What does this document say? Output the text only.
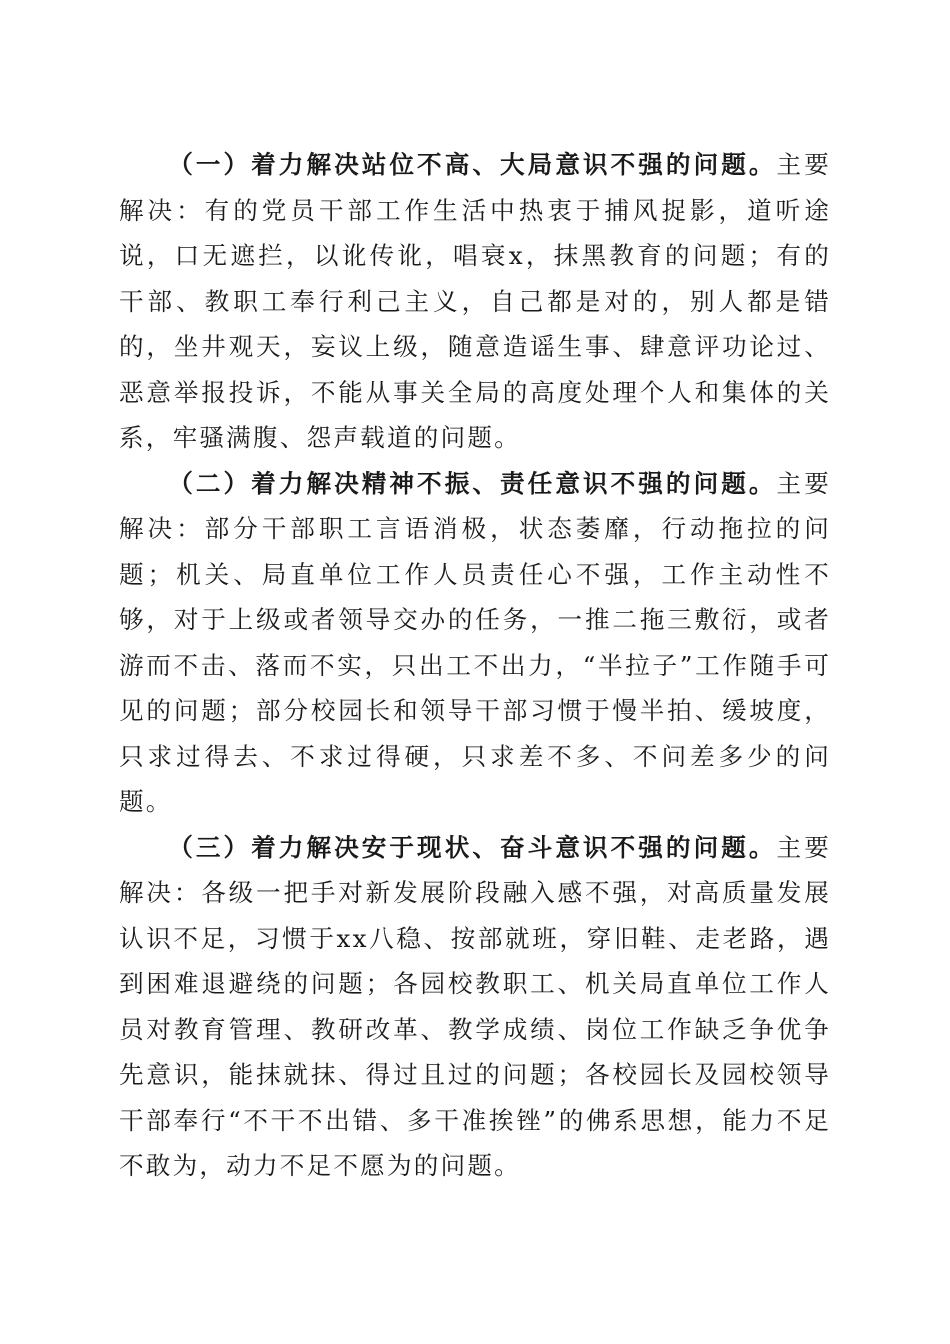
（一）着力解决站位不高、大局意识不强的问题。主要解决：有的党员干部工作生活中热衷于捕风捉影，道听途说，口无遮拦，以讹传讹，唱衰x，抹黑教育的问题；有的干部、教职工奉行利己主义，自己都是对的，别人都是错的，坐井观天，妄议上级，随意造谣生事、肆意评功论过、恶意举报投诉，不能从事关全局的高度处理个人和集体的关系，牢骚满腹、怨声载道的问题。

（二）着力解决精神不振、责任意识不强的问题。主要解决：部分干部职工言语消极，状态萎靡，行动拖拉的问题；机关、局直单位工作人员责任心不强，工作主动性不够，对于上级或者领导交办的任务，一推二拖三敷衍，或者游而不击、落而不实，只出工不出力，“半拉子”工作随手可见的问题；部分校园长和领导干部习惯于慢半拍、缓坡度，只求过得去、不求过得硬，只求差不多、不问差多少的问题。

（三）着力解决安于现状、奋斗意识不强的问题。主要解决：各级一把手对新发展阶段融入感不强，对高质量发展认识不足，习惯于xx八稳、按部就班，穿旧鞋、走老路，遇到困难退避绕的问题；各园校教职工、机关局直单位工作人员对教育管理、教研改革、教学成绩、岗位工作缺乏争优争先意识，能抹就抹、得过且过的问题；各校园长及园校领导干部奉行“不干不出错、多干准挨锉”的佛系思想，能力不足不敢为，动力不足不愿为的问题。
